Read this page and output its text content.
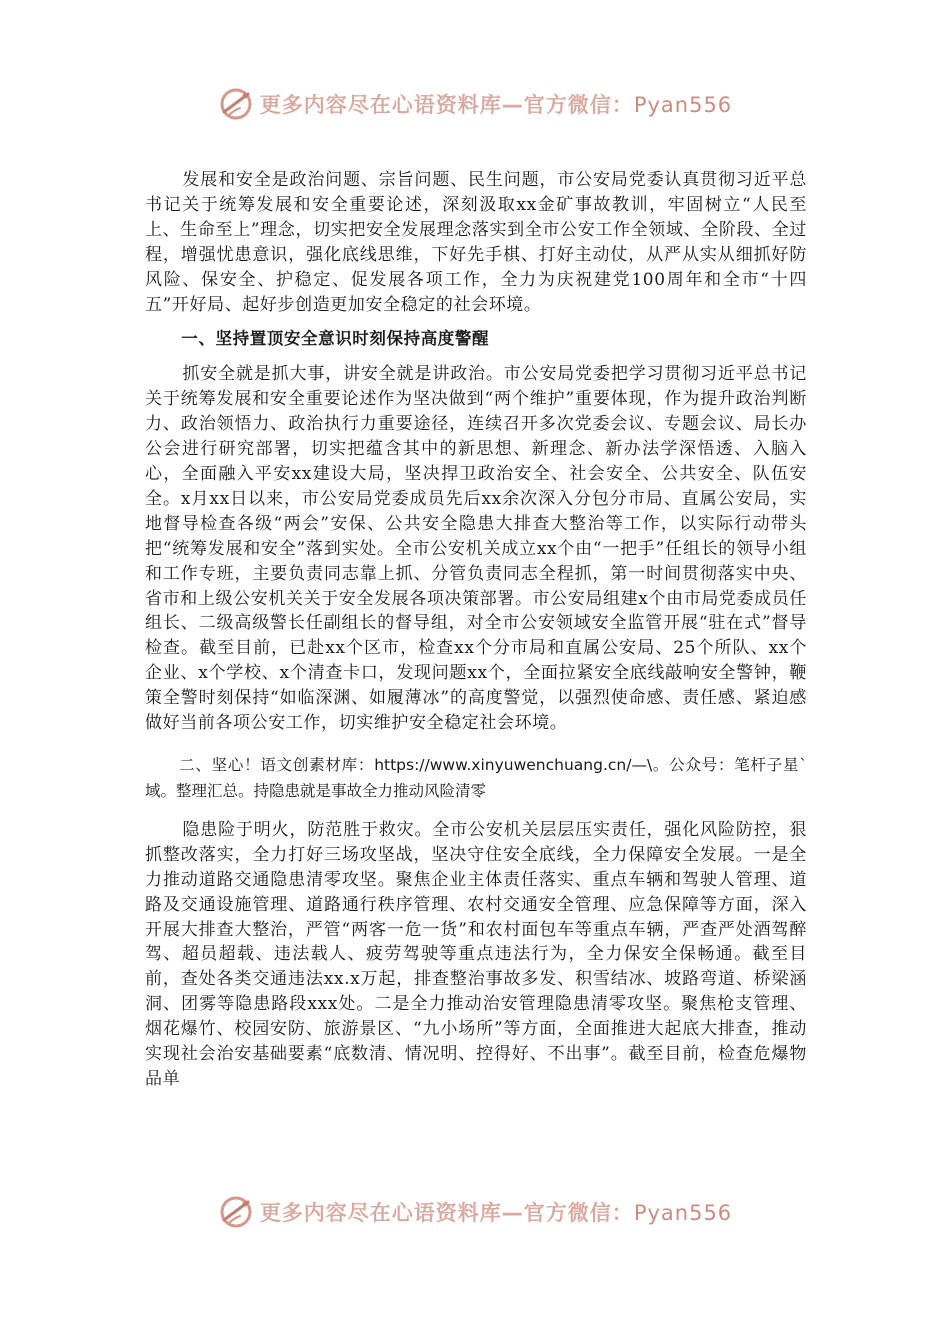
更多内容尽在心语资料库—官方微信：Pyan556

发展和安全是政治问题、宗旨问题、民生问题，市公安局党委认真贯彻习近平总书记关于统筹发展和安全重要论述，深刻汲取xx金矿事故教训，牢固树立“人民至上、生命至上”理念，切实把安全发展理念落实到全市公安工作全领域、全阶段、全过程，增强忧患意识，强化底线思维，下好先手棋、打好主动仗，从严从实从细抓好防风险、保安全、护稳定、促发展各项工作，全力为庆祝建党100周年和全市“十四五”开好局、起好步创造更加安全稳定的社会环境。

一、坚持置顶安全意识时刻保持高度警醒

抓安全就是抓大事，讲安全就是讲政治。市公安局党委把学习贯彻习近平总书记关于统筹发展和安全重要论述作为坚决做到“两个维护”重要体现，作为提升政治判断力、政治领悟力、政治执行力重要途径，连续召开多次党委会议、专题会议、局长办公会进行研究部署，切实把蕴含其中的新思想、新理念、新办法学深悟透、入脑入心，全面融入平安xx建设大局，坚决捍卫政治安全、社会安全、公共安全、队伍安全。x月xx日以来，市公安局党委成员先后xx余次深入分包分市局、直属公安局，实地督导检查各级“两会”安保、公共安全隐患大排查大整治等工作，以实际行动带头把“统筹发展和安全”落到实处。全市公安机关成立xx个由“一把手”任组长的领导小组和工作专班，主要负责同志靠上抓、分管负责同志全程抓，第一时间贯彻落实中央、省市和上级公安机关关于安全发展各项决策部署。市公安局组建x个由市局党委成员任组长、二级高级警长任副组长的督导组，对全市公安领域安全监管开展“驻在式”督导检查。截至目前，已赴xx个区市，检查xx个分市局和直属公安局、25个所队、xx个企业、x个学校、x个清查卡口，发现问题xx个，全面拉紧安全底线敲响安全警钟，鞭策全警时刻保持“如临深渊、如履薄冰”的高度警觉，以强烈使命感、责任感、紧迫感做好当前各项公安工作，切实维护安全稳定社会环境。

二、坚心！语文创素材库：https://www.xinyuwenchuang.cn/—\。公众号：笔杆子星`域。整理汇总。持隐患就是事故全力推动风险清零

隐患险于明火，防范胜于救灾。全市公安机关层层压实责任，强化风险防控，狠抓整改落实，全力打好三场攻坚战，坚决守住安全底线，全力保障安全发展。一是全力推动道路交通隐患清零攻坚。聚焦企业主体责任落实、重点车辆和驾驶人管理、道路及交通设施管理、道路通行秩序管理、农村交通安全管理、应急保障等方面，深入开展大排查大整治，严管“两客一危一货”和农村面包车等重点车辆，严查严处酒驾醉驾、超员超载、违法载人、疲劳驾驶等重点违法行为，全力保安全保畅通。截至目前，查处各类交通违法xx.x万起，排查整治事故多发、积雪结冰、坡路弯道、桥梁涵洞、团雾等隐患路段xxx处。二是全力推动治安管理隐患清零攻坚。聚焦枪支管理、烟花爆竹、校园安防、旅游景区、“九小场所”等方面，全面推进大起底大排查，推动实现社会治安基础要素“底数清、情况明、控得好、不出事”。截至目前，检查危爆物品单

更多内容尽在心语资料库—官方微信：Pyan556
